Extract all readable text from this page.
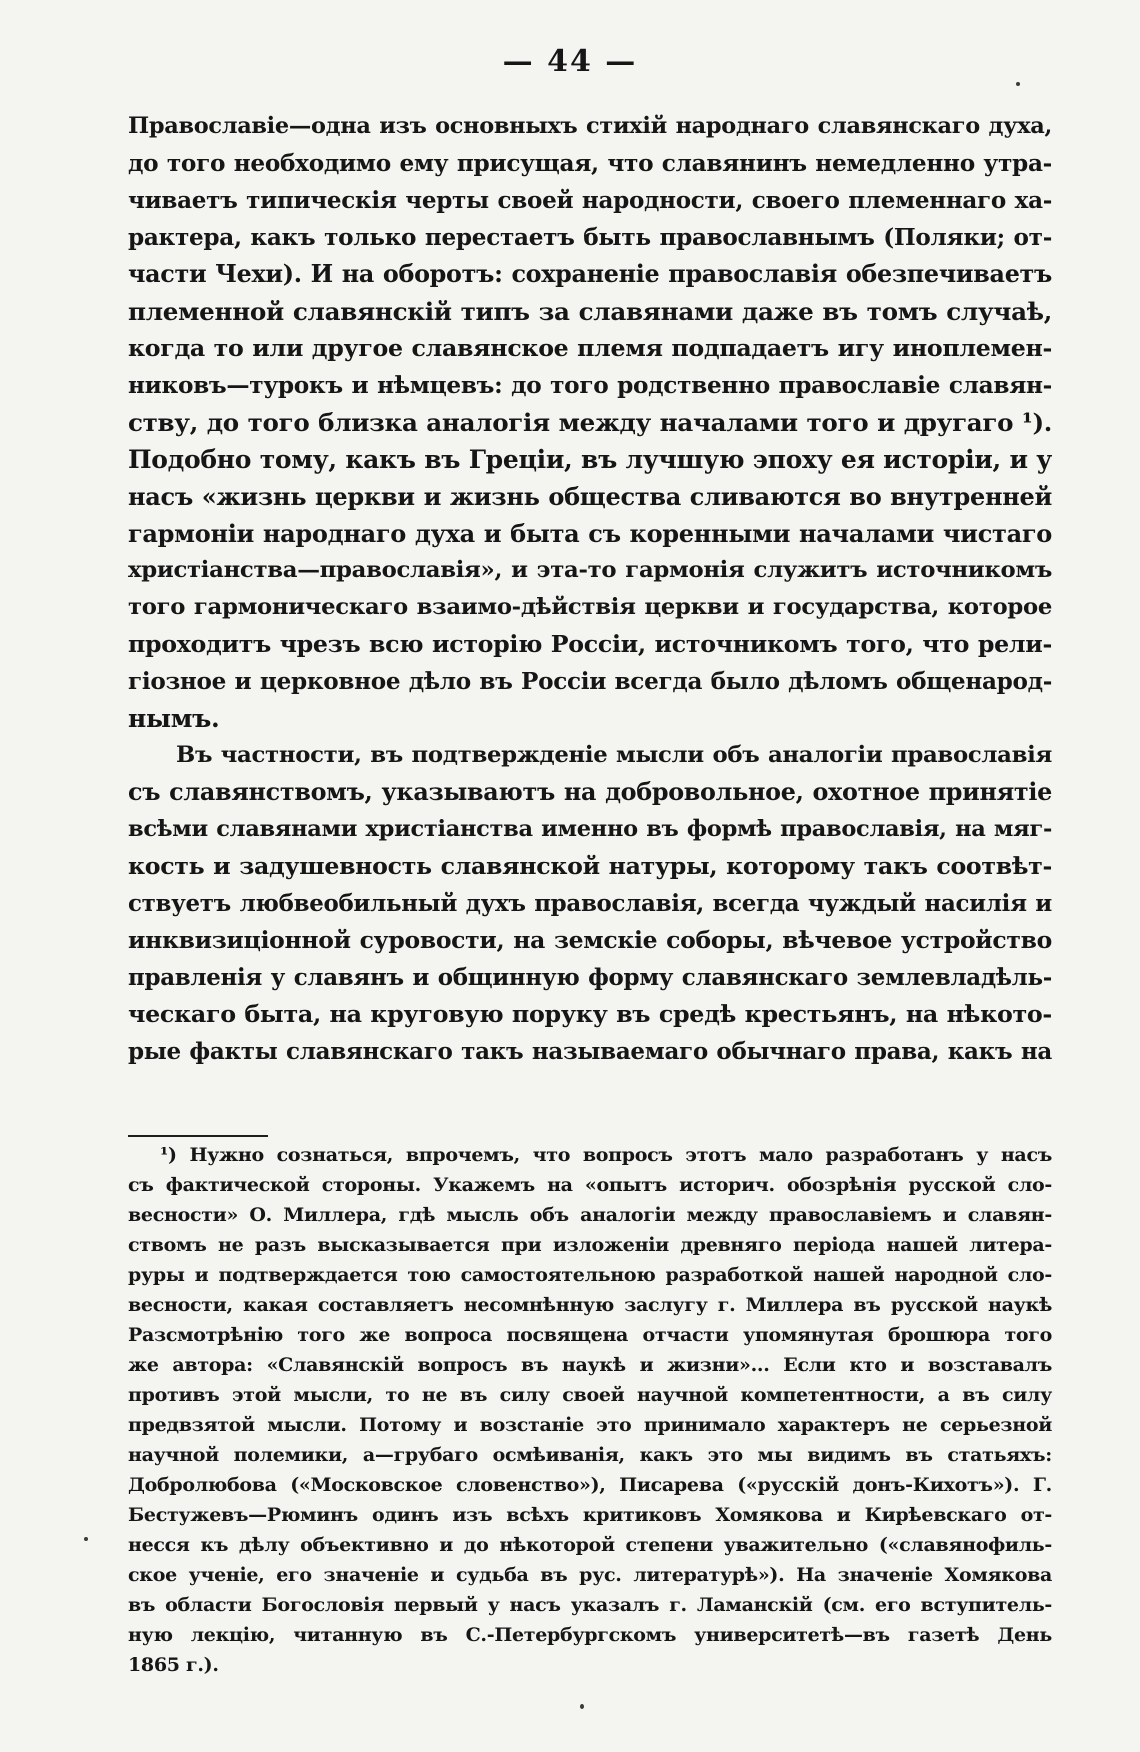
— 44 —
Православіе—одна изъ основныхъ стихій народнаго славянскаго духа,
до того необходимо ему присущая, что славянинъ немедленно утра-
чиваетъ типическія черты своей народности, своего племеннаго ха-
рактера, какъ только перестаетъ быть православнымъ (Поляки; от-
части Чехи). И на оборотъ: сохраненіе православія обезпечиваетъ
племенной славянскій типъ за славянами даже въ томъ случаѣ,
когда то или другое славянское племя подпадаетъ игу иноплемен-
никовъ—турокъ и нѣмцевъ: до того родственно православіе славян-
ству, до того близка аналогія между началами того и другаго ¹).
Подобно тому, какъ въ Греціи, въ лучшую эпоху ея исторіи, и у
насъ «жизнь церкви и жизнь общества сливаются во внутренней
гармоніи народнаго духа и быта съ коренными началами чистаго
христіанства—православія», и эта-то гармонія служитъ источникомъ
того гармоническаго взаимо-дѣйствія церкви и государства, которое
проходитъ чрезъ всю исторію Россіи, источникомъ того, что рели-
гіозное и церковное дѣло въ Россіи всегда было дѣломъ общенарод-
нымъ.
Въ частности, въ подтвержденіе мысли объ аналогіи православія
съ славянствомъ, указываютъ на добровольное, охотное принятіе
всѣми славянами христіанства именно въ формѣ православія, на мяг-
кость и задушевность славянской натуры, которому такъ соотвѣт-
ствуетъ любвеобильный духъ православія, всегда чуждый насилія и
инквизиціонной суровости, на земскіе соборы, вѣчевое устройство
правленія у славянъ и общинную форму славянскаго землевладѣль-
ческаго быта, на круговую поруку въ средѣ крестьянъ, на нѣкото-
рые факты славянскаго такъ называемаго обычнаго права, какъ на
¹) Нужно сознаться, впрочемъ, что вопросъ этотъ мало разработанъ у насъ
съ фактической стороны. Укажемъ на «опытъ историч. обозрѣнія русской сло-
весности» О. Миллера, гдѣ мысль объ аналогіи между православіемъ и славян-
ствомъ не разъ высказывается при изложеніи древняго періода нашей литера-
руры и подтверждается тою самостоятельною разработкой нашей народной сло-
весности, какая составляетъ несомнѣнную заслугу г. Миллера въ русской наукѣ
Разсмотрѣнію того же вопроса посвящена отчасти упомянутая брошюра того
же автора: «Славянскій вопросъ въ наукѣ и жизни»... Если кто и возставалъ
противъ этой мысли, то не въ силу своей научной компетентности, а въ силу
предвзятой мысли. Потому и возстаніе это принимало характеръ не серьезной
научной полемики, а—грубаго осмѣиванія, какъ это мы видимъ въ статьяхъ:
Добролюбова («Московское словенство»), Писарева («русскій донъ-Кихотъ»). Г.
Бестужевъ—Рюминъ одинъ изъ всѣхъ критиковъ Хомякова и Кирѣевскаго от-
несся къ дѣлу объективно и до нѣкоторой степени уважительно («славянофиль-
ское ученіе, его значеніе и судьба въ рус. литературѣ»). На значеніе Хомякова
въ области Богословія первый у насъ указалъ г. Ламанскій (см. его вступитель-
ную лекцію, читанную въ С.-Петербургскомъ университетѣ—въ газетѣ День
1865 г.).
